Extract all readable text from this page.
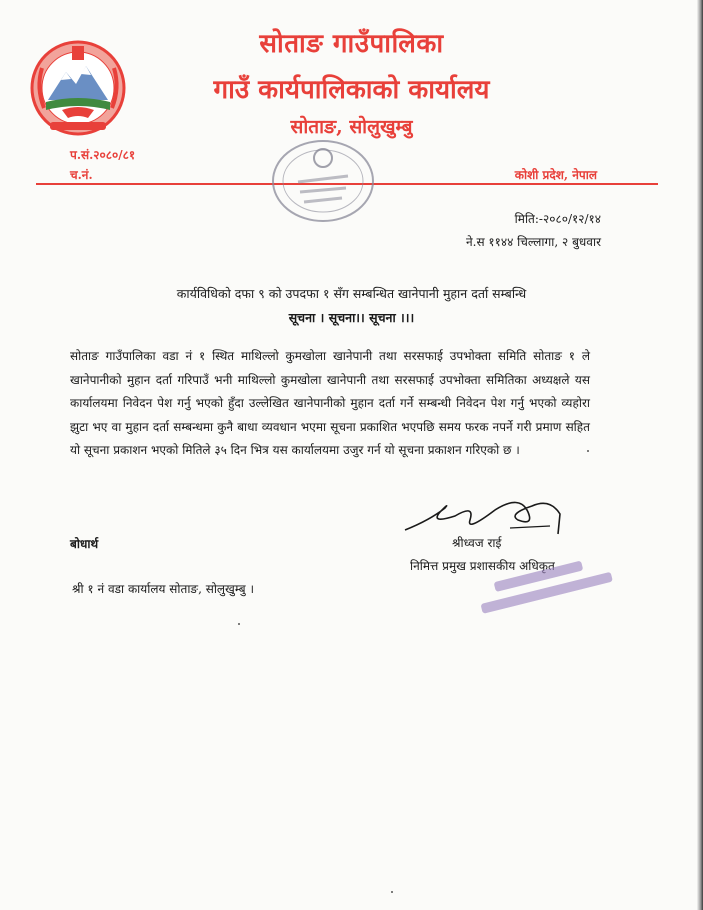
सोताङ गाउँपालिका
गाउँ कार्यपालिकाको कार्यालय
सोताङ, सोलुखुम्बु
प.सं.२०८०/८१
च.नं.	कोशी प्रदेश, नेपाल
मिति:-२०८०/१२/१४
ने.स ११४४ चिल्लागा, २ बुधवार
कार्यविधिको दफा ९ को उपदफा १ सँग सम्बन्धित खानेपानी मुहान दर्ता सम्बन्धि
सूचना । सूचना।। सूचना ।।।
सोताङ गाउँपालिका वडा नं १ स्थित माथिल्लो कुमखोला खानेपानी तथा सरसफाई उपभोक्ता समिति सोताङ १ ले खानेपानीको मुहान दर्ता गरिपाउँ भनी माथिल्लो कुमखोला खानेपानी तथा सरसफाई उपभोक्ता समितिका अध्यक्षले यस कार्यालयमा निवेदन पेश गर्नु भएको हुँदा उल्लेखित खानेपानीको मुहान दर्ता गर्ने सम्बन्धी निवेदन पेश गर्नु भएको व्यहोरा झुटा भए वा मुहान दर्ता सम्बन्धमा कुनै बाधा व्यवधान भएमा सूचना प्रकाशित भएपछि समय फरक नपर्ने गरी प्रमाण सहित यो सूचना प्रकाशन भएको मितिले ३५ दिन भित्र यस कार्यालयमा उजुर गर्न यो सूचना प्रकाशन गरिएको छ ।
श्रीध्वज राई
निमित्त प्रमुख प्रशासकीय अधिकृत
बोधार्थ
श्री १ नं वडा कार्यालय सोताङ, सोलुखुम्बु ।
